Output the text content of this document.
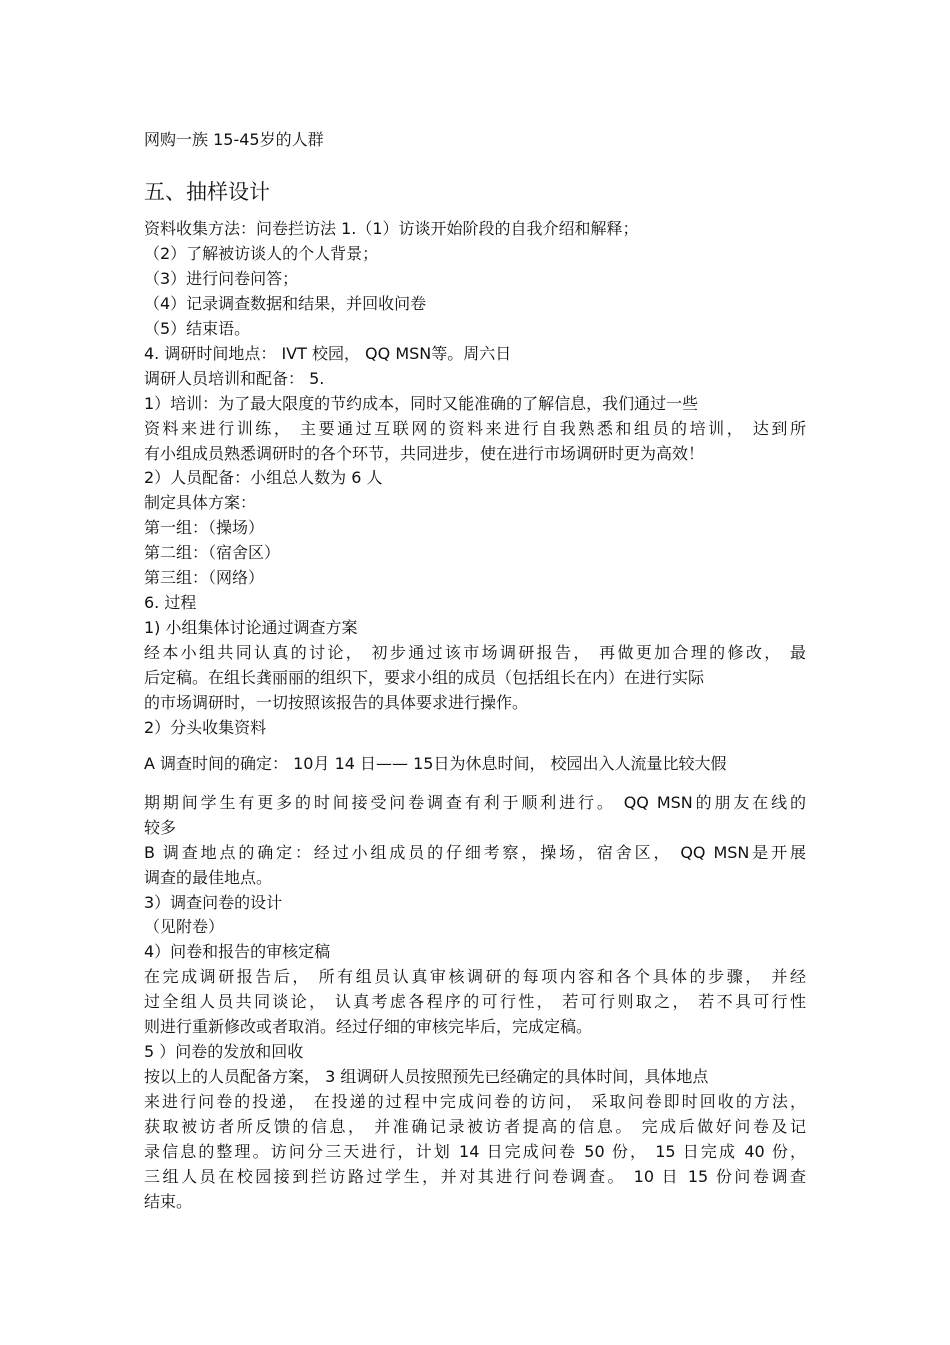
网购一族 15-45岁的人群
五、抽样设计
资料收集方法：问卷拦访法 1.（1）访谈开始阶段的自我介绍和解释；
（2）了解被访谈人的个人背景；
（3）进行问卷问答；
（4）记录调查数据和结果，并回收问卷
（5）结束语。
4. 调研时间地点： IVT 校园， QQ MSN等。周六日
调研人员培训和配备： 5.
1）培训：为了最大限度的节约成本，同时又能准确的了解信息，我们通过一些
资料来进行训练， 主要通过互联网的资料来进行自我熟悉和组员的培训， 达到所
有小组成员熟悉调研时的各个环节，共同进步，使在进行市场调研时更为高效！
2）人员配备：小组总人数为 6 人
制定具体方案：
第一组：（操场）
第二组：（宿舍区）
第三组：（网络）
6. 过程
1) 小组集体讨论通过调查方案
经本小组共同认真的讨论， 初步通过该市场调研报告， 再做更加合理的修改， 最
后定稿。在组长龚丽丽的组织下，要求小组的成员（包括组长在内）在进行实际
的市场调研时，一切按照该报告的具体要求进行操作。
2）分头收集资料
A 调查时间的确定： 10月 14 日—— 15日为休息时间， 校园出入人流量比较大假
期期间学生有更多的时间接受问卷调查有利于顺利进行。 QQ MSN的朋友在线的
较多
B 调查地点的确定：经过小组成员的仔细考察，操场，宿舍区， QQ MSN是开展
调查的最佳地点。
3）调查问卷的设计
（见附卷）
4）问卷和报告的审核定稿
在完成调研报告后， 所有组员认真审核调研的每项内容和各个具体的步骤， 并经
过全组人员共同谈论， 认真考虑各程序的可行性， 若可行则取之， 若不具可行性
则进行重新修改或者取消。经过仔细的审核完毕后，完成定稿。
5 ）问卷的发放和回收
按以上的人员配备方案， 3 组调研人员按照预先已经确定的具体时间，具体地点
来进行问卷的投递， 在投递的过程中完成问卷的访问， 采取问卷即时回收的方法，
获取被访者所反馈的信息， 并准确记录被访者提高的信息。 完成后做好问卷及记
录信息的整理。访问分三天进行，计划 14 日完成问卷 50 份， 15 日完成 40 份，
三组人员在校园接到拦访路过学生，并对其进行问卷调查。 10 日 15 份问卷调查
结束。
